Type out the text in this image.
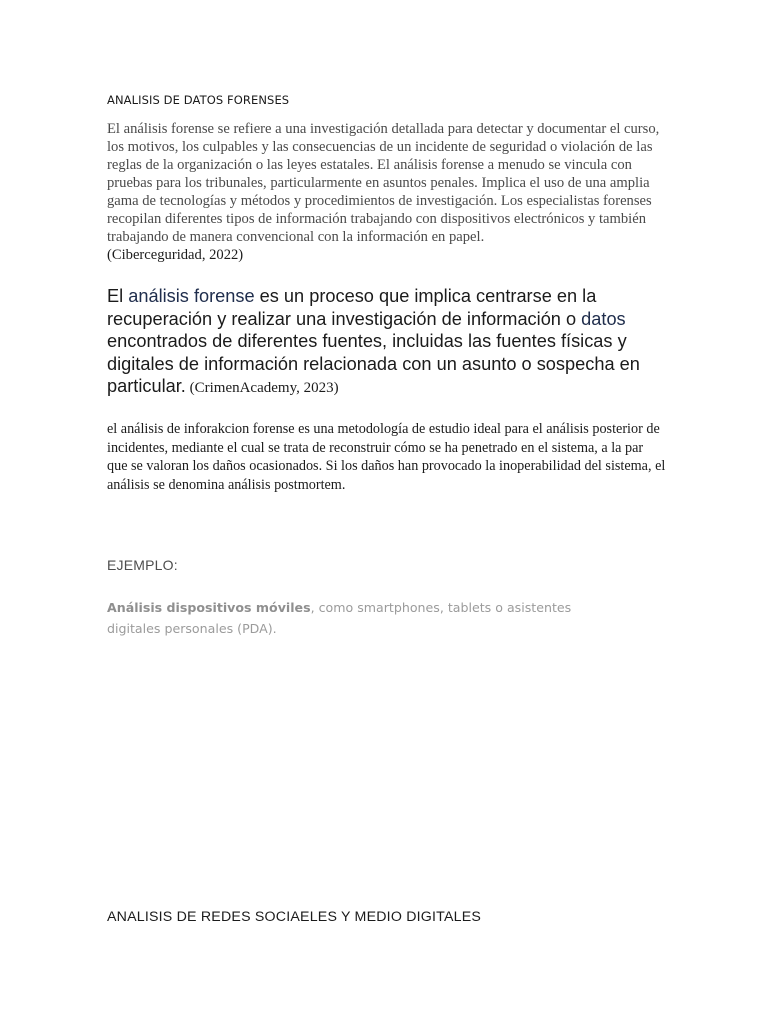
ANALISIS DE DATOS FORENSES

El análisis forense se refiere a una investigación detallada para detectar y documentar el curso, los motivos, los culpables y las consecuencias de un incidente de seguridad o violación de las reglas de la organización o las leyes estatales. El análisis forense a menudo se vincula con pruebas para los tribunales, particularmente en asuntos penales. Implica el uso de una amplia gama de tecnologías y métodos y procedimientos de investigación. Los especialistas forenses recopilan diferentes tipos de información trabajando con dispositivos electrónicos y también trabajando de manera convencional con la información en papel.
(Ciberceguridad, 2022)

El análisis forense es un proceso que implica centrarse en la recuperación y realizar una investigación de información o datos encontrados de diferentes fuentes, incluidas las fuentes físicas y digitales de información relacionada con un asunto o sospecha en particular. (CrimenAcademy, 2023)

el análisis de inforakcion forense es una metodología de estudio ideal para el análisis posterior de incidentes, mediante el cual se trata de reconstruir cómo se ha penetrado en el sistema, a la par que se valoran los daños ocasionados. Si los daños han provocado la inoperabilidad del sistema, el análisis se denomina análisis postmortem.

EJEMPLO:

Análisis dispositivos móviles, como smartphones, tablets o asistentes digitales personales (PDA).

ANALISIS DE REDES SOCIAELES Y MEDIO DIGITALES
